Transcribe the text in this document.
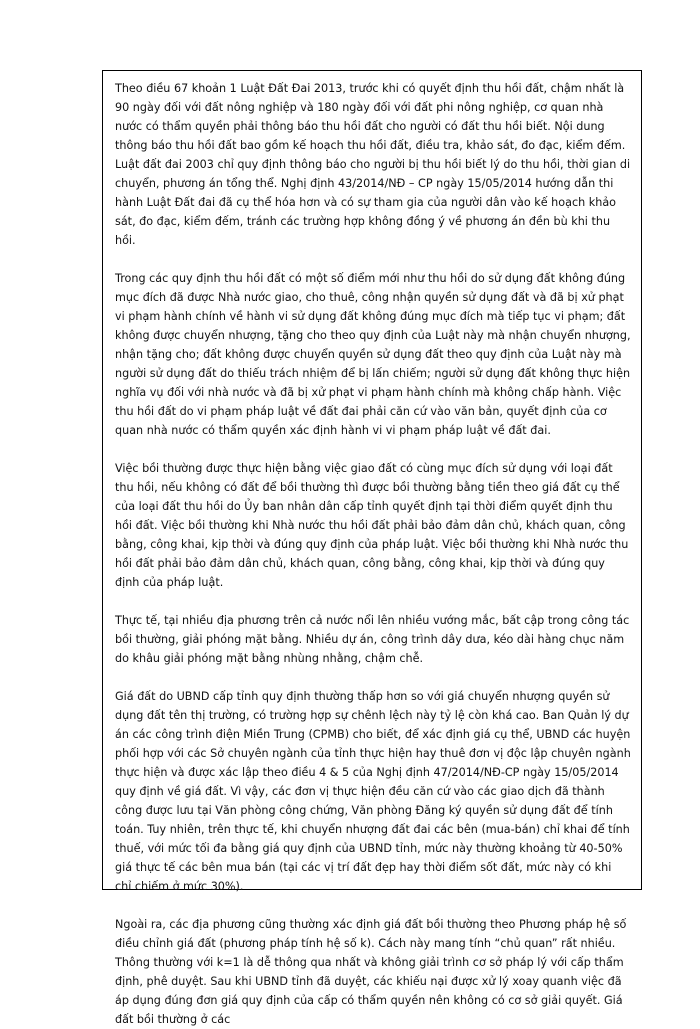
Theo điều 67 khoản 1 Luật Đất Đai 2013, trước khi có quyết định thu hồi đất, chậm nhất là 90 ngày đối với đất nông nghiệp và 180 ngày đối với đất phi nông nghiệp, cơ quan nhà nước có thẩm quyền phải thông báo thu hồi đất cho người có đất thu hồi biết. Nội dung thông báo thu hồi đất bao gồm kế hoạch thu hồi đất, điều tra, khảo sát, đo đạc, kiểm đếm. Luật đất đai 2003 chỉ quy định thông báo cho người bị thu hồi biết lý do thu hồi, thời gian di chuyển, phương án tổng thể. Nghị định 43/2014/NĐ – CP ngày 15/05/2014 hướng dẫn thi hành Luật Đất đai đã cụ thể hóa hơn và có sự tham gia của người dân vào kế hoạch khảo sát, đo đạc, kiểm đếm, tránh các trường hợp không đồng ý về phương án đền bù khi thu hồi.

Trong các quy định thu hồi đất có một số điểm mới như thu hồi do sử dụng đất không đúng mục đích đã được Nhà nước giao, cho thuê, công nhận quyền sử dụng đất và đã bị xử phạt vi phạm hành chính về hành vi sử dụng đất không đúng mục đích mà tiếp tục vi phạm; đất không được chuyển nhượng, tặng cho theo quy định của Luật này mà nhận chuyển nhượng, nhận tặng cho; đất không được chuyển quyền sử dụng đất theo quy định của Luật này mà người sử dụng đất do thiếu trách nhiệm để bị lấn chiếm; người sử dụng đất không thực hiện nghĩa vụ đối với nhà nước và đã bị xử phạt vi phạm hành chính mà không chấp hành. Việc thu hồi đất do vi phạm pháp luật về đất đai phải căn cứ vào văn bản, quyết định của cơ quan nhà nước có thẩm quyền xác định hành vi vi phạm pháp luật về đất đai.

Việc bồi thường được thực hiện bằng việc giao đất có cùng mục đích sử dụng với loại đất thu hồi, nếu không có đất để bồi thường thì được bồi thường bằng tiền theo giá đất cụ thể của loại đất thu hồi do Ủy ban nhân dân cấp tỉnh quyết định tại thời điểm quyết định thu hồi đất. Việc bồi thường khi Nhà nước thu hồi đất phải bảo đảm dân chủ, khách quan, công bằng, công khai, kịp thời và đúng quy định của pháp luật. Việc bồi thường khi Nhà nước thu hồi đất phải bảo đảm dân chủ, khách quan, công bằng, công khai, kịp thời và đúng quy định của pháp luật.

Thực tế, tại nhiều địa phương trên cả nước nổi lên nhiều vướng mắc, bất cập trong công tác bồi thường, giải phóng mặt bằng. Nhiều dự án, công trình dây dưa, kéo dài hàng chục năm do khâu giải phóng mặt bằng nhùng nhằng, chậm chễ.

Giá đất do UBND cấp tỉnh quy định thường thấp hơn so với giá chuyển nhượng quyền sử dụng đất tên thị trường, có trường hợp sự chênh lệch này tỷ lệ còn khá cao. Ban Quản lý dự án các công trình điện Miền Trung (CPMB) cho biết, để xác định giá cụ thể, UBND các huyện phối hợp với các Sở chuyên ngành của tỉnh thực hiện hay thuê đơn vị độc lập chuyên ngành thực hiện và được xác lập theo điều 4 & 5 của Nghị định 47/2014/NĐ-CP ngày 15/05/2014 quy định về giá đất. Vì vậy, các đơn vị thực hiện đều căn cứ vào các giao dịch đã thành công được lưu tại Văn phòng công chứng, Văn phòng Đăng ký quyền sử dụng đất để tính toán. Tuy nhiên, trên thực tế, khi chuyển nhượng đất đai các bên (mua-bán) chỉ khai để tính thuế, với mức tối đa bằng giá quy định của UBND tỉnh, mức này thường khoảng từ 40-50% giá thực tế các bên mua bán (tại các vị trí đất đẹp hay thời điểm sốt đất, mức này có khi chỉ chiếm ở mức 30%).

Ngoài ra, các địa phương cũng thường xác định giá đất bồi thường theo Phương pháp hệ số điều chỉnh giá đất (phương pháp tính hệ số k). Cách này mang tính “chủ quan” rất nhiều. Thông thường với k=1 là dễ thông qua nhất và không giải trình cơ sở pháp lý với cấp thẩm định, phê duyệt. Sau khi UBND tỉnh đã duyệt, các khiếu nại được xử lý xoay quanh việc đã áp dụng đúng đơn giá quy định của cấp có thẩm quyền nên không có cơ sở giải quyết. Giá đất bồi thường ở các
